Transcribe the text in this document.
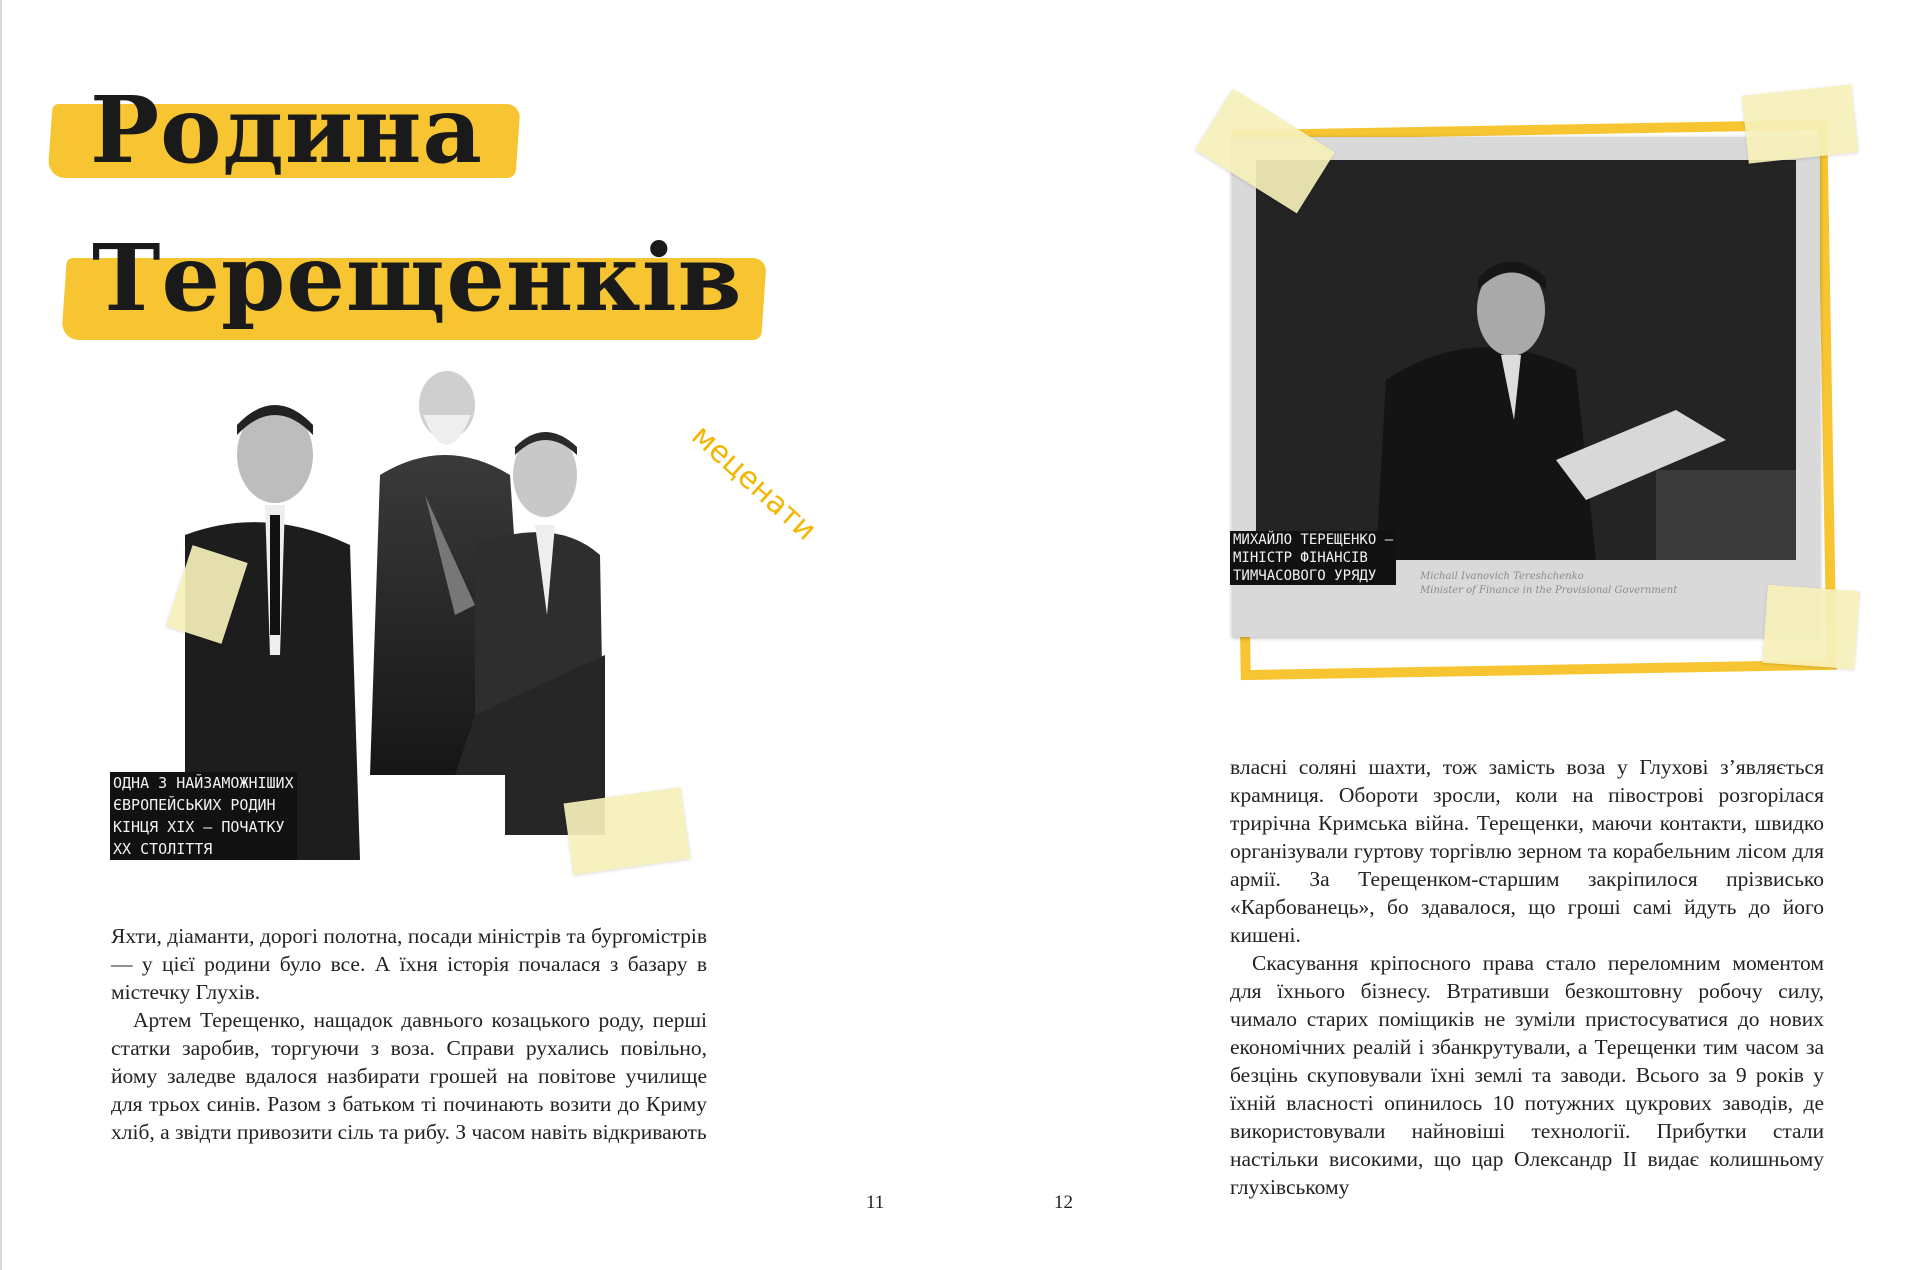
Родина
Терещенків
меценати
ОДНА З НАЙЗАМОЖНІШИХ
ЄВРОПЕЙСЬКИХ РОДИН
КІНЦЯ XIX – ПОЧАТКУ
XX СТОЛІТТЯ

Яхти, діаманти, дорогі полотна, посади міністрів та бургомістрів — у цієї родини було все. А їхня історія почалася з базару в містечку Глухів.

Артем Терещенко, нащадок давнього козацького роду, перші статки заробив, торгуючи з воза. Справи рухались повільно, йому заледве вдалося назбирати грошей на повітове училище для трьох синів. Разом з батьком ті починають возити до Криму хліб, а звідти привозити сіль та рибу. З часом навіть відкривають

11
Michail Ivanovich Tereshchenko
Minister of Finance in the Provisional Government
МИХАЙЛО ТЕРЕЩЕНКО –
МІНІСТР ФІНАНСІВ
ТИМЧАСОВОГО УРЯДУ

власні соляні шахти, тож замість воза у Глухові з’являється крамниця. Обороти зросли, коли на півострові розгорілася трирічна Кримська війна. Терещенки, маючи контакти, швидко організували гуртову торгівлю зерном та корабельним лісом для армії. За Терещенком-старшим закріпилося прізвисько «Карбованець», бо здавалося, що гроші самі йдуть до його кишені.

Скасування кріпосного права стало переломним моментом для їхнього бізнесу. Втративши безкоштовну робочу силу, чимало старих поміщиків не зуміли пристосуватися до нових економічних реалій і збанкрутували, а Терещенки тим часом за безцінь скуповували їхні землі та заводи. Всього за 9 років у їхній власності опинилось 10 потужних цукрових заводів, де використовували найновіші технології. Прибутки стали настільки високими, що цар Олександр II видає колишньому глухівському

12
